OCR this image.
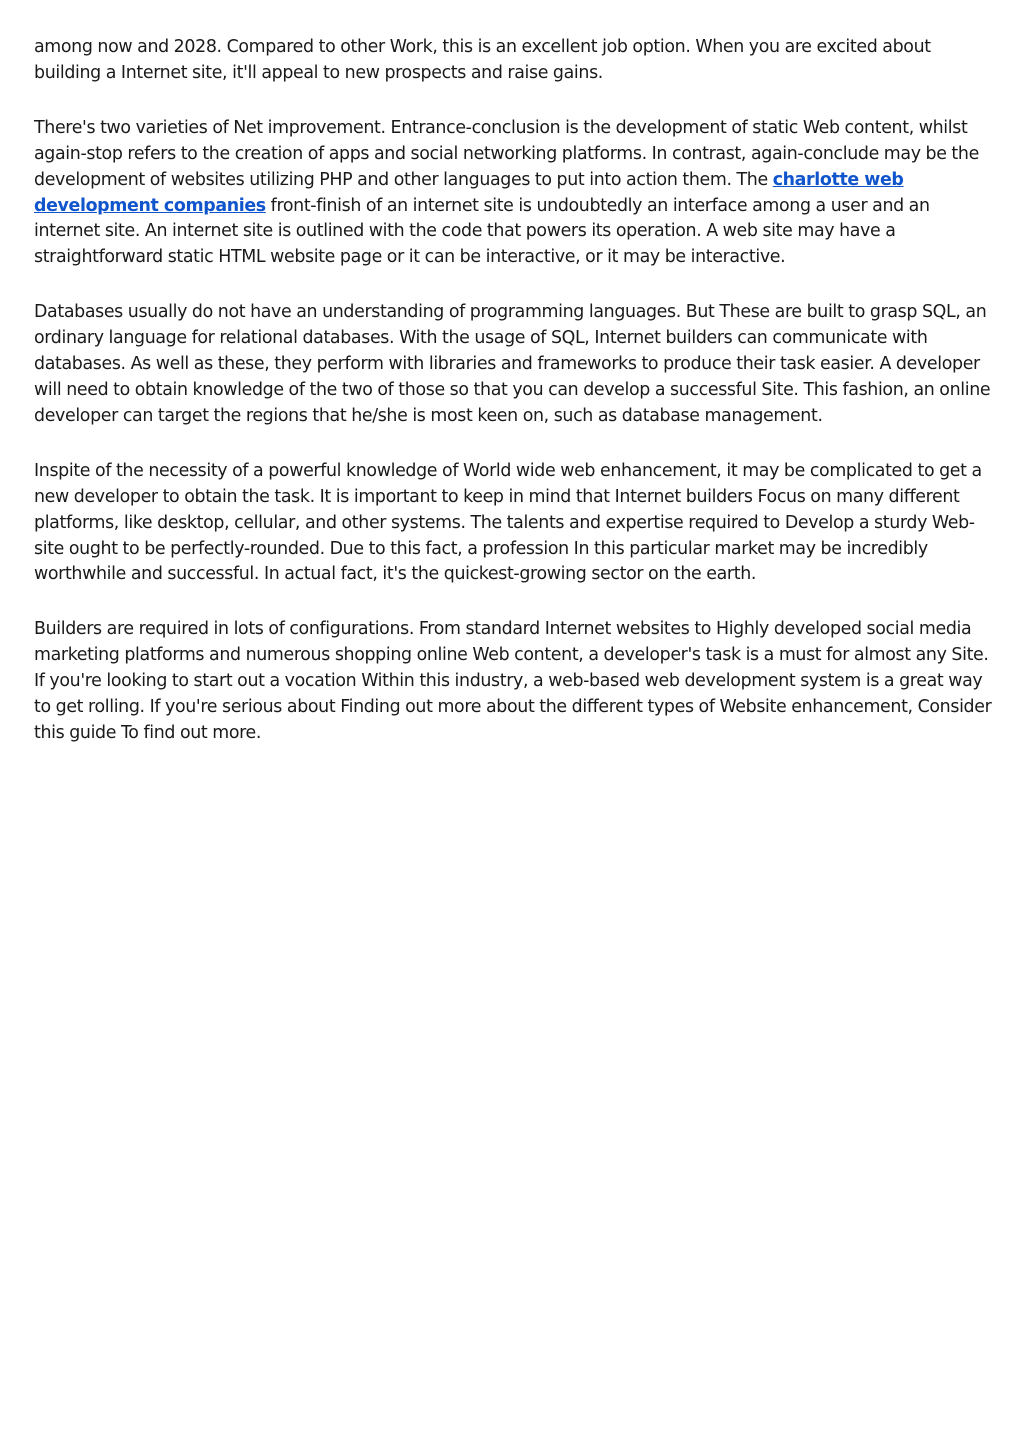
among now and 2028. Compared to other Work, this is an excellent job option. When you are excited about building a Internet site, it'll appeal to new prospects and raise gains.

There's two varieties of Net improvement. Entrance-conclusion is the development of static Web content, whilst again-stop refers to the creation of apps and social networking platforms. In contrast, again-conclude may be the development of websites utilizing PHP and other languages to put into action them. The charlotte web development companies front-finish of an internet site is undoubtedly an interface among a user and an internet site. An internet site is outlined with the code that powers its operation. A web site may have a straightforward static HTML website page or it can be interactive, or it may be interactive.

Databases usually do not have an understanding of programming languages. But These are built to grasp SQL, an ordinary language for relational databases. With the usage of SQL, Internet builders can communicate with databases. As well as these, they perform with libraries and frameworks to produce their task easier. A developer will need to obtain knowledge of the two of those so that you can develop a successful Site. This fashion, an online developer can target the regions that he/she is most keen on, such as database management.

Inspite of the necessity of a powerful knowledge of World wide web enhancement, it may be complicated to get a new developer to obtain the task. It is important to keep in mind that Internet builders Focus on many different platforms, like desktop, cellular, and other systems. The talents and expertise required to Develop a sturdy Web-site ought to be perfectly-rounded. Due to this fact, a profession In this particular market may be incredibly worthwhile and successful. In actual fact, it's the quickest-growing sector on the earth.

Builders are required in lots of configurations. From standard Internet websites to Highly developed social media marketing platforms and numerous shopping online Web content, a developer's task is a must for almost any Site. If you're looking to start out a vocation Within this industry, a web-based web development system is a great way to get rolling. If you're serious about Finding out more about the different types of Website enhancement, Consider this guide To find out more.
